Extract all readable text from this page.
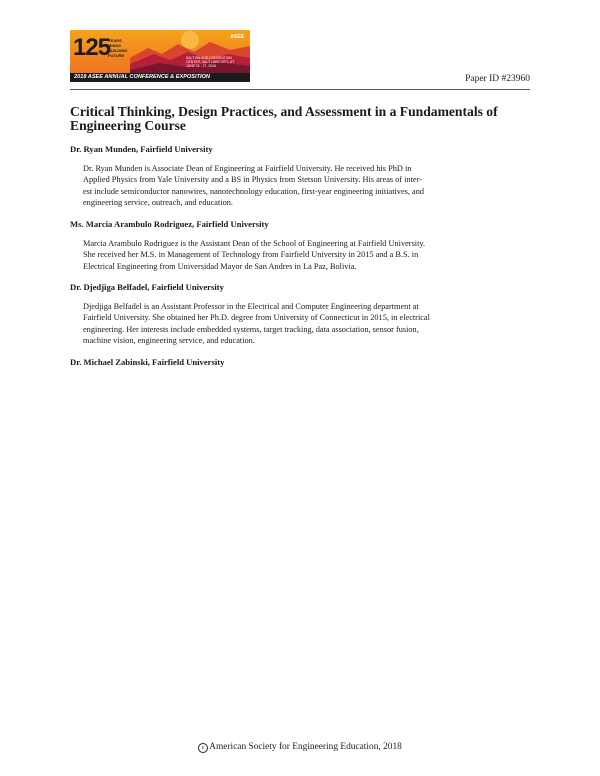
125
YEARS
MINDS
BUILDING
FUTURE
ASEE
SALT PALACE CONVENTION CENTER, SALT LAKE CITY, UT
JUNE 24 - 27, 2018
2018 ASEE ANNUAL CONFERENCE & EXPOSITION	Paper ID #23960
Critical Thinking, Design Practices, and Assessment in a Fundamentals of Engineering Course

Dr. Ryan Munden, Fairfield University

Dr. Ryan Munden is Associate Dean of Engineering at Fairfield University. He received his PhD in
Applied Physics from Yale University and a BS in Physics from Stetson University. His areas of inter-
est include semiconductor nanowires, nanotechnology education, first-year engineering initiatives, and
engineering service, outreach, and education.

Ms. Marcia Arambulo Rodriguez, Fairfield University

Marcia Arambulo Rodriguez is the Assistant Dean of the School of Engineering at Fairfield University.
She received her M.S. in Management of Technology from Fairfield University in 2015 and a B.S. in
Electrical Engineering from Universidad Mayor de San Andres in La Paz, Bolivia.

Dr. Djedjiga Belfadel, Fairfield University

Djedjiga Belfadel is an Assistant Professor in the Electrical and Computer Engineering department at
Fairfield University. She obtained her Ph.D. degree from University of Connecticut in 2015, in electrical
engineering. Her interests include embedded systems, target tracking, data association, sensor fusion,
machine vision, engineering service, and education.

Dr. Michael Zabinski, Fairfield University

c American Society for Engineering Education, 2018
